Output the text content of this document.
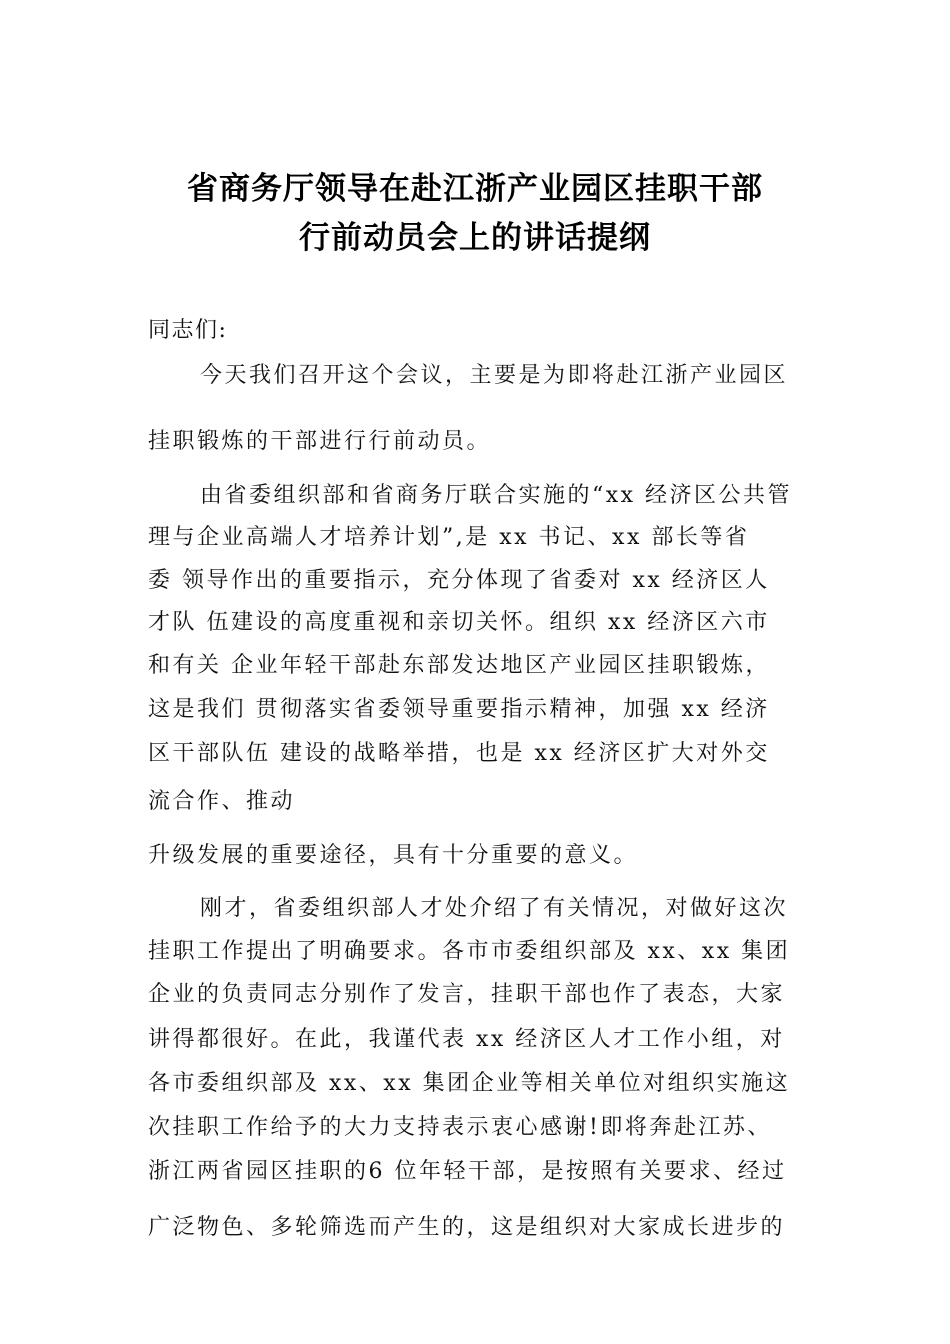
省商务厅领导在赴江浙产业园区挂职干部
行前动员会上的讲话提纲
同志们:
今天我们召开这个会议，主要是为即将赴江浙产业园区
挂职锻炼的干部进行行前动员。
由省委组织部和省商务厅联合实施的“xx 经济区公共管
理与企业高端人才培养计划”,是 xx 书记、xx 部长等省
委 领导作出的重要指示，充分体现了省委对 xx 经济区人
才队 伍建设的高度重视和亲切关怀。组织 xx 经济区六市
和有关 企业年轻干部赴东部发达地区产业园区挂职锻炼，
这是我们 贯彻落实省委领导重要指示精神，加强 xx 经济
区干部队伍 建设的战略举措，也是 xx 经济区扩大对外交
流合作、推动
升级发展的重要途径，具有十分重要的意义。
刚才，省委组织部人才处介绍了有关情况，对做好这次
挂职工作提出了明确要求。各市市委组织部及 xx、xx 集团
企业的负责同志分别作了发言，挂职干部也作了表态，大家
讲得都很好。在此，我谨代表 xx 经济区人才工作小组，对
各市委组织部及 xx、xx 集团企业等相关单位对组织实施这
次挂职工作给予的大力支持表示衷心感谢!即将奔赴江苏、
浙江两省园区挂职的6 位年轻干部，是按照有关要求、经过
广泛物色、多轮筛选而产生的，这是组织对大家成长进步的
